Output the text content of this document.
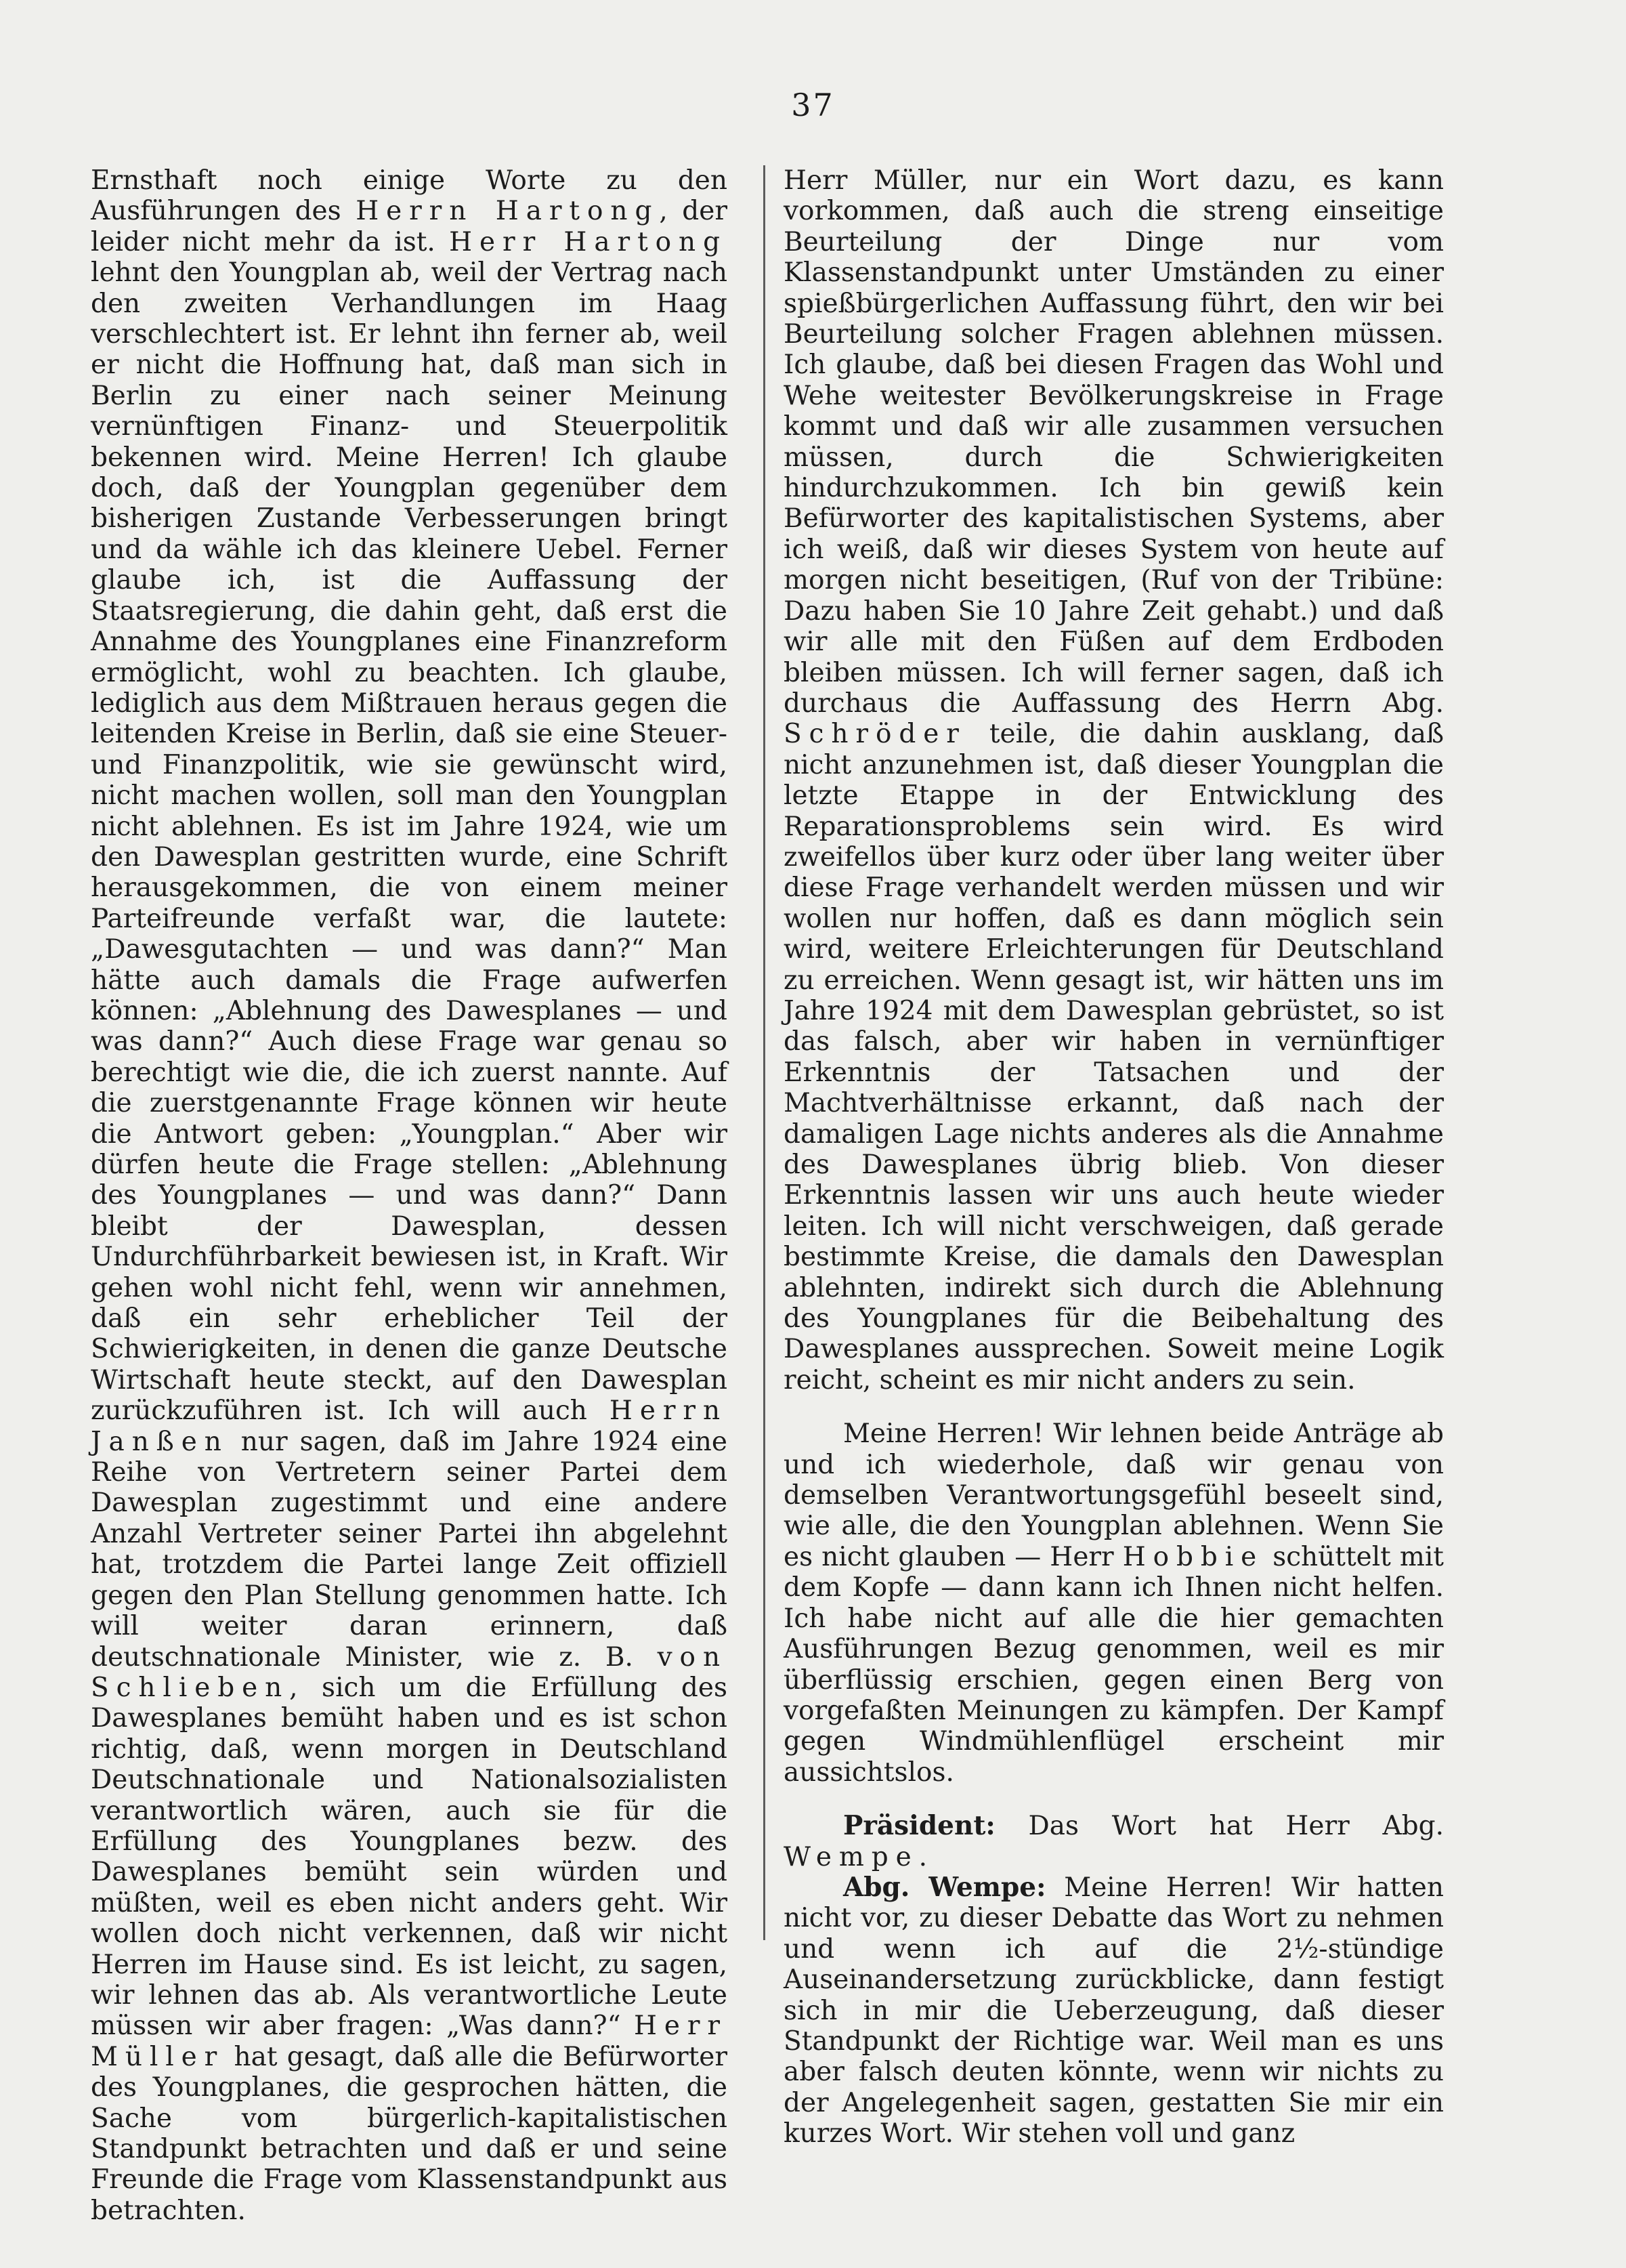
37

Ernsthaft noch einige Worte zu den Ausführungen des Herrn Hartong, der leider nicht mehr da ist. Herr Hartong lehnt den Youngplan ab, weil der Vertrag nach den zweiten Verhandlungen im Haag verschlechtert ist. Er lehnt ihn ferner ab, weil er nicht die Hoffnung hat, daß man sich in Berlin zu einer nach seiner Meinung vernünftigen Finanz- und Steuerpolitik bekennen wird. Meine Herren! Ich glaube doch, daß der Youngplan gegenüber dem bisherigen Zustande Verbesserungen bringt und da wähle ich das kleinere Uebel. Ferner glaube ich, ist die Auffassung der Staatsregierung, die dahin geht, daß erst die Annahme des Youngplanes eine Finanzreform ermöglicht, wohl zu beachten. Ich glaube, lediglich aus dem Mißtrauen heraus gegen die leitenden Kreise in Berlin, daß sie eine Steuer- und Finanzpolitik, wie sie gewünscht wird, nicht machen wollen, soll man den Youngplan nicht ablehnen. Es ist im Jahre 1924, wie um den Dawesplan gestritten wurde, eine Schrift herausgekommen, die von einem meiner Parteifreunde verfaßt war, die lautete: „Dawesgutachten — und was dann?“ Man hätte auch damals die Frage aufwerfen können: „Ablehnung des Dawesplanes — und was dann?“ Auch diese Frage war genau so berechtigt wie die, die ich zuerst nannte. Auf die zuerstgenannte Frage können wir heute die Antwort geben: „Youngplan.“ Aber wir dürfen heute die Frage stellen: „Ablehnung des Youngplanes — und was dann?“ Dann bleibt der Dawesplan, dessen Undurchführbarkeit bewiesen ist, in Kraft. Wir gehen wohl nicht fehl, wenn wir annehmen, daß ein sehr erheblicher Teil der Schwierigkeiten, in denen die ganze Deutsche Wirtschaft heute steckt, auf den Dawesplan zurückzuführen ist. Ich will auch Herrn Janßen nur sagen, daß im Jahre 1924 eine Reihe von Vertretern seiner Partei dem Dawesplan zugestimmt und eine andere Anzahl Vertreter seiner Partei ihn abgelehnt hat, trotzdem die Partei lange Zeit offiziell gegen den Plan Stellung genommen hatte. Ich will weiter daran erinnern, daß deutschnationale Minister, wie z. B. von Schlieben, sich um die Erfüllung des Dawesplanes bemüht haben und es ist schon richtig, daß, wenn morgen in Deutschland Deutschnationale und Nationalsozialisten verantwortlich wären, auch sie für die Erfüllung des Youngplanes bezw. des Dawesplanes bemüht sein würden und müßten, weil es eben nicht anders geht. Wir wollen doch nicht verkennen, daß wir nicht Herren im Hause sind. Es ist leicht, zu sagen, wir lehnen das ab. Als verantwortliche Leute müssen wir aber fragen: „Was dann?“ Herr Müller hat gesagt, daß alle die Befürworter des Youngplanes, die gesprochen hätten, die Sache vom bürgerlich-kapitalistischen Standpunkt betrachten und daß er und seine Freunde die Frage vom Klassenstandpunkt aus betrachten.

Herr Müller, nur ein Wort dazu, es kann vorkommen, daß auch die streng einseitige Beurteilung der Dinge nur vom Klassenstandpunkt unter Umständen zu einer spießbürgerlichen Auffassung führt, den wir bei Beurteilung solcher Fragen ablehnen müssen. Ich glaube, daß bei diesen Fragen das Wohl und Wehe weitester Bevölkerungskreise in Frage kommt und daß wir alle zusammen versuchen müssen, durch die Schwierigkeiten hindurchzukommen. Ich bin gewiß kein Befürworter des kapitalistischen Systems, aber ich weiß, daß wir dieses System von heute auf morgen nicht beseitigen, (Ruf von der Tribüne: Dazu haben Sie 10 Jahre Zeit gehabt.) und daß wir alle mit den Füßen auf dem Erdboden bleiben müssen. Ich will ferner sagen, daß ich durchaus die Auffassung des Herrn Abg. Schröder teile, die dahin ausklang, daß nicht anzunehmen ist, daß dieser Youngplan die letzte Etappe in der Entwicklung des Reparationsproblems sein wird. Es wird zweifellos über kurz oder über lang weiter über diese Frage verhandelt werden müssen und wir wollen nur hoffen, daß es dann möglich sein wird, weitere Erleichterungen für Deutschland zu erreichen. Wenn gesagt ist, wir hätten uns im Jahre 1924 mit dem Dawesplan gebrüstet, so ist das falsch, aber wir haben in vernünftiger Erkenntnis der Tatsachen und der Machtverhältnisse erkannt, daß nach der damaligen Lage nichts anderes als die Annahme des Dawesplanes übrig blieb. Von dieser Erkenntnis lassen wir uns auch heute wieder leiten. Ich will nicht verschweigen, daß gerade bestimmte Kreise, die damals den Dawesplan ablehnten, indirekt sich durch die Ablehnung des Youngplanes für die Beibehaltung des Dawesplanes aussprechen. Soweit meine Logik reicht, scheint es mir nicht anders zu sein.

Meine Herren! Wir lehnen beide Anträge ab und ich wiederhole, daß wir genau von demselben Verantwortungsgefühl beseelt sind, wie alle, die den Youngplan ablehnen. Wenn Sie es nicht glauben — Herr Hobbie schüttelt mit dem Kopfe — dann kann ich Ihnen nicht helfen. Ich habe nicht auf alle die hier gemachten Ausführungen Bezug genommen, weil es mir überflüssig erschien, gegen einen Berg von vorgefaßten Meinungen zu kämpfen. Der Kampf gegen Windmühlenflügel erscheint mir aussichtslos.

Präsident: Das Wort hat Herr Abg. Wempe.

Abg. Wempe: Meine Herren! Wir hatten nicht vor, zu dieser Debatte das Wort zu nehmen und wenn ich auf die 2½-stündige Auseinandersetzung zurückblicke, dann festigt sich in mir die Ueberzeugung, daß dieser Standpunkt der Richtige war. Weil man es uns aber falsch deuten könnte, wenn wir nichts zu der Angelegenheit sagen, gestatten Sie mir ein kurzes Wort. Wir stehen voll und ganz
